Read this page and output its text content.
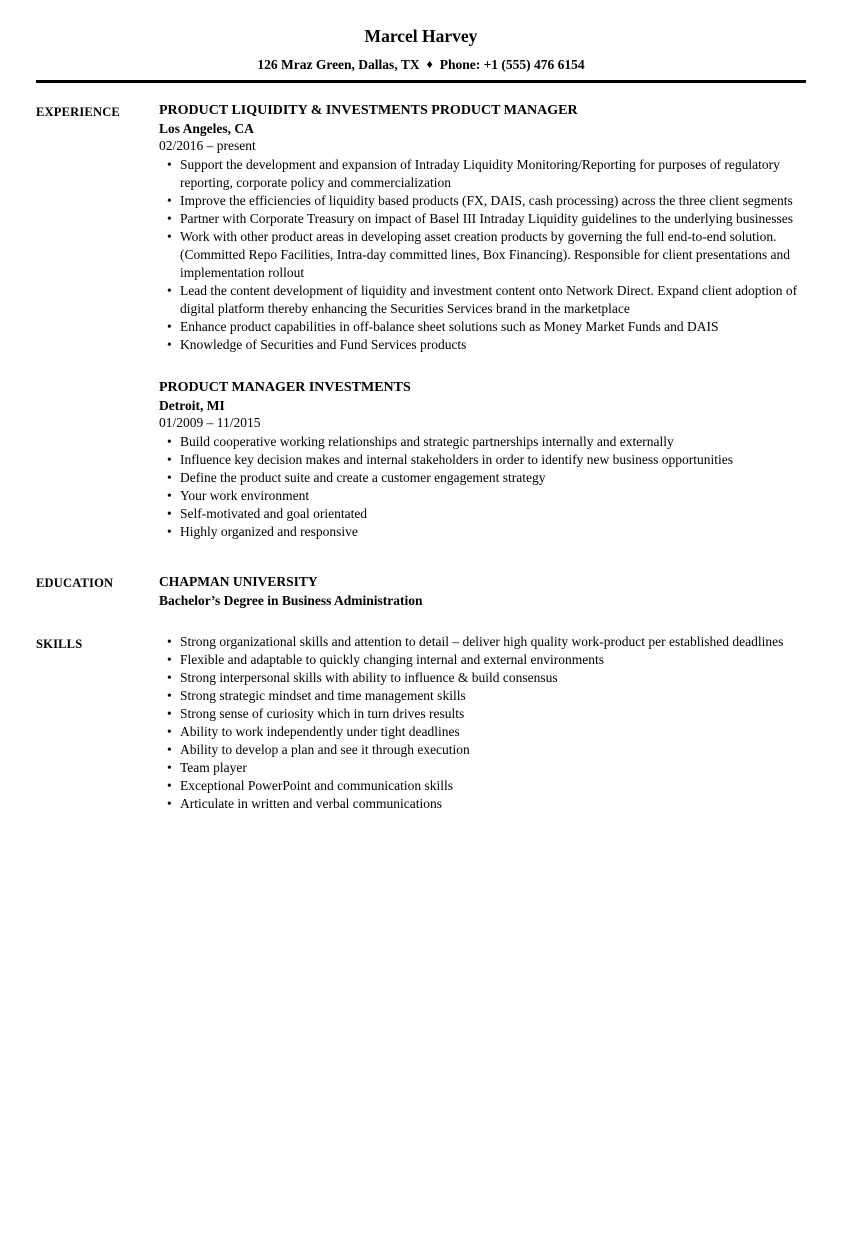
Marcel Harvey
126 Mraz Green, Dallas, TX ♦ Phone: +1 (555) 476 6154
EXPERIENCE	PRODUCT LIQUIDITY & INVESTMENTS PRODUCT MANAGER
Los Angeles, CA
02/2016 – present
• Support the development and expansion of Intraday Liquidity Monitoring/Reporting for purposes of regulatory reporting, corporate policy and commercialization
• Improve the efficiencies of liquidity based products (FX, DAIS, cash processing) across the three client segments
• Partner with Corporate Treasury on impact of Basel III Intraday Liquidity guidelines to the underlying businesses
• Work with other product areas in developing asset creation products by governing the full end-to-end solution. (Committed Repo Facilities, Intra-day committed lines, Box Financing). Responsible for client presentations and implementation rollout
• Lead the content development of liquidity and investment content onto Network Direct. Expand client adoption of digital platform thereby enhancing the Securities Services brand in the marketplace
• Enhance product capabilities in off-balance sheet solutions such as Money Market Funds and DAIS
• Knowledge of Securities and Fund Services products
PRODUCT MANAGER INVESTMENTS
Detroit, MI
01/2009 – 11/2015
• Build cooperative working relationships and strategic partnerships internally and externally
• Influence key decision makes and internal stakeholders in order to identify new business opportunities
• Define the product suite and create a customer engagement strategy
• Your work environment
• Self-motivated and goal orientated
• Highly organized and responsive
EDUCATION	CHAPMAN UNIVERSITY
Bachelor’s Degree in Business Administration
SKILLS	• Strong organizational skills and attention to detail – deliver high quality work-product per established deadlines
• Flexible and adaptable to quickly changing internal and external environments
• Strong interpersonal skills with ability to influence & build consensus
• Strong strategic mindset and time management skills
• Strong sense of curiosity which in turn drives results
• Ability to work independently under tight deadlines
• Ability to develop a plan and see it through execution
• Team player
• Exceptional PowerPoint and communication skills
• Articulate in written and verbal communications
